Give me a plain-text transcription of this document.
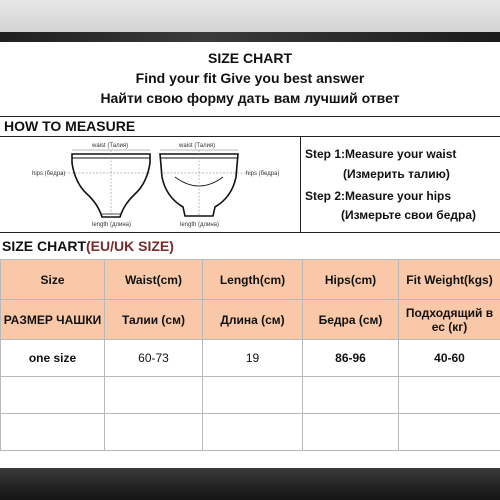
SIZE CHART
Find your fit Give you best answer
Найти свою форму дать вам лучший ответ
HOW TO MEASURE
waist (Талия)
hips (бедра)
length (длина)
waist (Талия)
hips (бедра)
length (длина)
Step 1:Measure your waist
(Измерить талию)
Step 2:Measure your hips
(Измерьте свои бедра)
SIZE CHART(EU/UK SIZE)
Size	Waist(cm)	Length(cm)	Hips(cm)	Fit Weight(kgs)
РАЗМЕР ЧАШКИ	Талии (см)	Длина (см)	Бедра (см)	Подходящий в ес (кг)
one size	60-73	19	86-96	40-60
